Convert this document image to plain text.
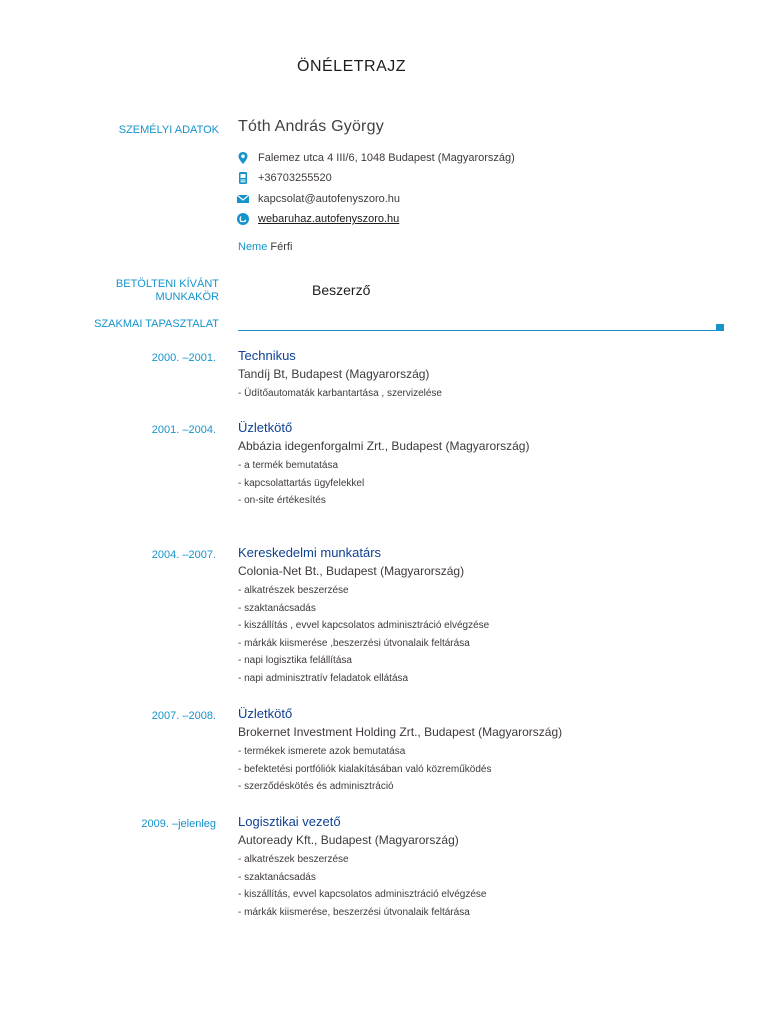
ÖNÉLETRAJZ
SZEMÉLYI ADATOK Tóth András György
Falemez utca 4 III/6, 1048 Budapest (Magyarország)
+36703255520
kapcsolat@autofenyszoro.hu
webaruhaz.autofenyszoro.hu
Neme Férfi
BETÖLTENI KÍVÁNT
MUNKAKÖR	Beszerző
SZAKMAI TAPASZTALAT
2000. –2001. Technikus
Tandíj Bt, Budapest (Magyarország)
- Üdítőautomaták karbantartása , szervizelése
2001. –2004. Üzletkötő
Abbázia idegenforgalmi Zrt., Budapest (Magyarország)
- a termék bemutatása
- kapcsolattartás ügyfelekkel
- on-site értékesítés
2004. –2007. Kereskedelmi munkatárs
Colonia-Net Bt., Budapest (Magyarország)
- alkatrészek beszerzése
- szaktanácsadás
- kiszállítás , evvel kapcsolatos adminisztráció elvégzése
- márkák kiismerése ,beszerzési útvonalaik feltárása
- napi logisztika felállítása
- napi adminisztratív feladatok ellátása
2007. –2008. Üzletkötő
Brokernet Investment Holding Zrt., Budapest (Magyarország)
- termékek ismerete azok bemutatása
- befektetési portfóliók kialakításában való közreműködés
- szerződéskötés és adminisztráció
2009. –jelenleg Logisztikai vezető
Autoready Kft., Budapest (Magyarország)
- alkatrészek beszerzése
- szaktanácsadás
- kiszállítás, evvel kapcsolatos adminisztráció elvégzése
- márkák kiismerése, beszerzési útvonalaik feltárása
